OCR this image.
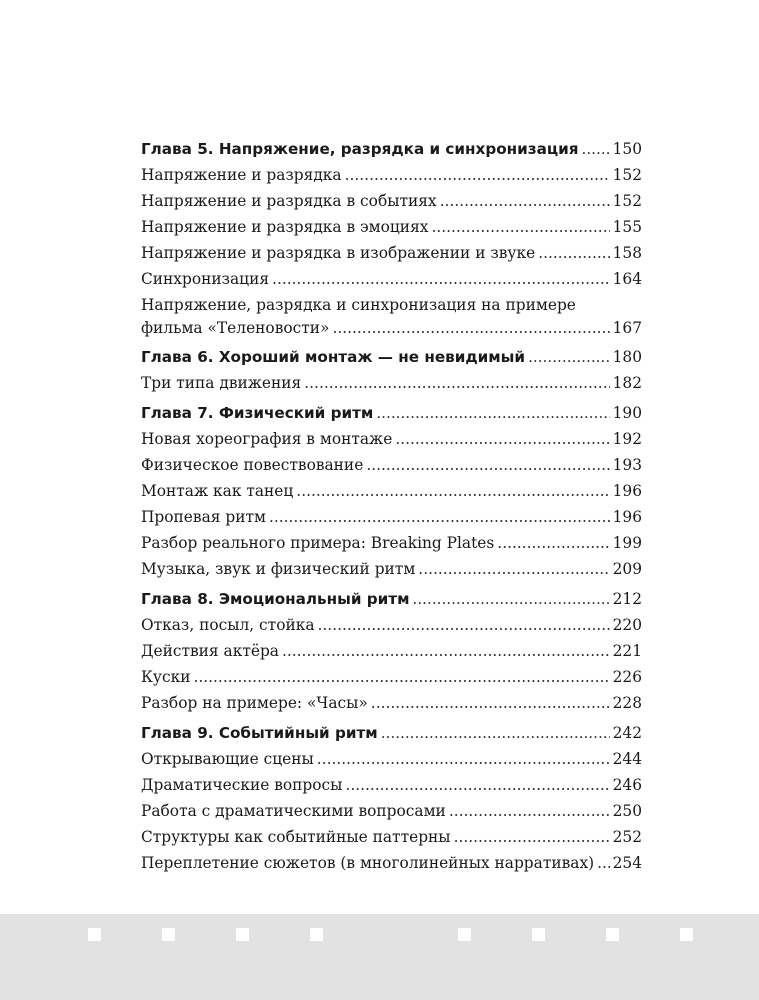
Глава 5. Напряжение, разрядка и синхронизация ..... 150
Напряжение и разрядка .....	152
Напряжение и разрядка в событиях .....	152
Напряжение и разрядка в эмоциях .....	155
Напряжение и разрядка в изображении и звуке .....	158
Синхронизация .....	164
Напряжение, разрядка и синхронизация на примере
фильма «Теленовости» .....	167
Глава 6. Хороший монтаж — не невидимый .....	180
Три типа движения .....	182
Глава 7. Физический ритм .....	190
Новая хореография в монтаже .....	192
Физическое повествование .....	193
Монтаж как танец .....	196
Пропевая ритм .....	196
Разбор реального примера: Breaking Plates .....	199
Музыка, звук и физический ритм .....	209
Глава 8. Эмоциональный ритм .....	212
Отказ, посыл, стойка .....	220
Действия актёра .....	221
Куски .....	226
Разбор на примере: «Часы» .....	228
Глава 9. Событийный ритм .....	242
Открывающие сцены .....	244
Драматические вопросы .....	246
Работа с драматическими вопросами .....	250
Структуры как событийные паттерны .....	252
Переплетение сюжетов (в многолинейных нарративах) ..... 254
